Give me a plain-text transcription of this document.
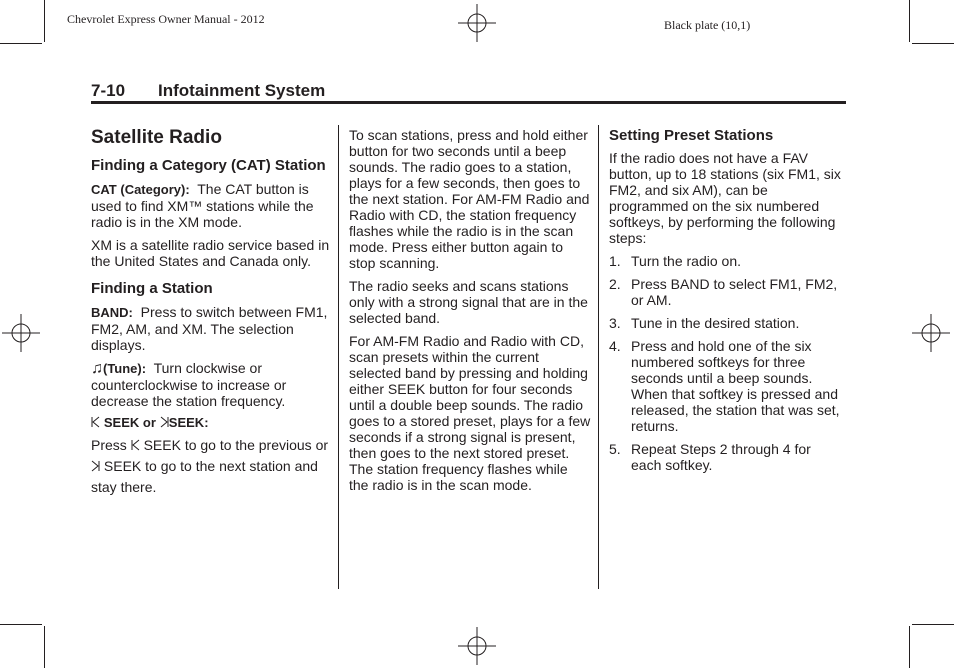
Chevrolet Express Owner Manual - 2012	Black plate (10,1)
7-10 Infotainment System
Satellite Radio
Finding a Category (CAT) Station

CAT (Category): The CAT button is used to find XM™ stations while the radio is in the XM mode.

XM is a satellite radio service based in the United States and Canada only.

Finding a Station

BAND: Press to switch between FM1, FM2, AM, and XM. The selection displays.

♫(Tune): Turn clockwise or counterclockwise to increase or decrease the station frequency.

SEEK or SEEK:

Press SEEK to go to the previous or  SEEK to go to the next station and stay there.

To scan stations, press and hold either button for two seconds until a beep sounds. The radio goes to a station, plays for a few seconds, then goes to the next station. For AM-FM Radio and Radio with CD, the station frequency flashes while the radio is in the scan mode. Press either button again to stop scanning.

The radio seeks and scans stations only with a strong signal that are in the selected band.

For AM-FM Radio and Radio with CD, scan presets within the current selected band by pressing and holding either SEEK button for four seconds until a double beep sounds. The radio goes to a stored preset, plays for a few seconds if a strong signal is present, then goes to the next stored preset. The station frequency flashes while the radio is in the scan mode.

Setting Preset Stations

If the radio does not have a FAV button, up to 18 stations (six FM1, six FM2, and six AM), can be programmed on the six numbered softkeys, by performing the following steps:

1. Turn the radio on.
2. Press BAND to select FM1, FM2, or AM.
3. Tune in the desired station.
4. Press and hold one of the six numbered softkeys for three seconds until a beep sounds. When that softkey is pressed and released, the station that was set, returns.
5. Repeat Steps 2 through 4 for each softkey.
